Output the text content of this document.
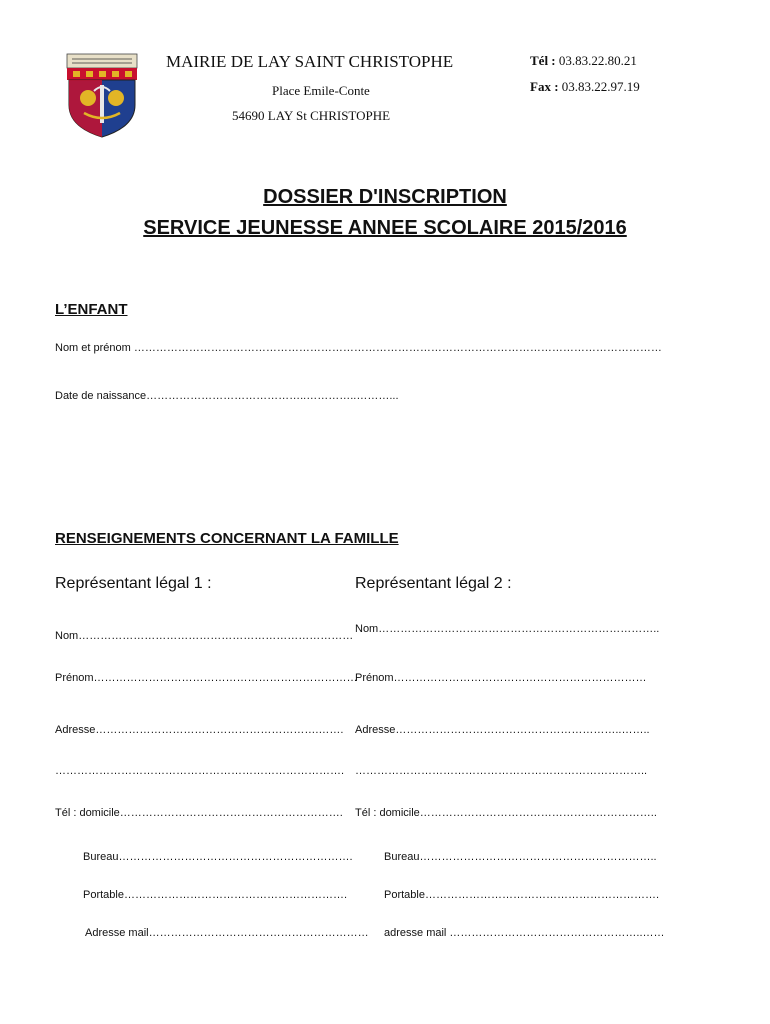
MAIRIE DE LAY SAINT CHRISTOPHE
Place Emile-Conte
54690 LAY St CHRISTOPHE
Tél : 03.83.22.80.21
Fax : 03.83.22.97.19
DOSSIER D'INSCRIPTION
SERVICE JEUNESSE ANNEE SCOLAIRE 2015/2016
L’ENFANT
Nom et prénom ………………………………………………………………………………………………………………………………
Date de naissance……………………………………..…………..………...
RENSEIGNEMENTS CONCERNANT LA FAMILLE
Représentant légal 1 :	Représentant légal 2 :
Nom…………………………………………………………………
Prénom………………………………………………………………
Adresse…………………………………………………….…….
…………………………………………………………………….
Tél : domicile…………………………………………………….
Bureau……………………………………………………….
Portable…………………………………………………….
Adresse mail……………………………………………………
Nom…………………………………………………………………..
Prénom……………………………………………………………
Adresse……………………………………………………..……..
……………………………………………………………………..
Tél : domicile………………………………………………………..
Bureau………………………………………………………..
Portable……………………………………………………….
adresse mail ……………………………………………..……
